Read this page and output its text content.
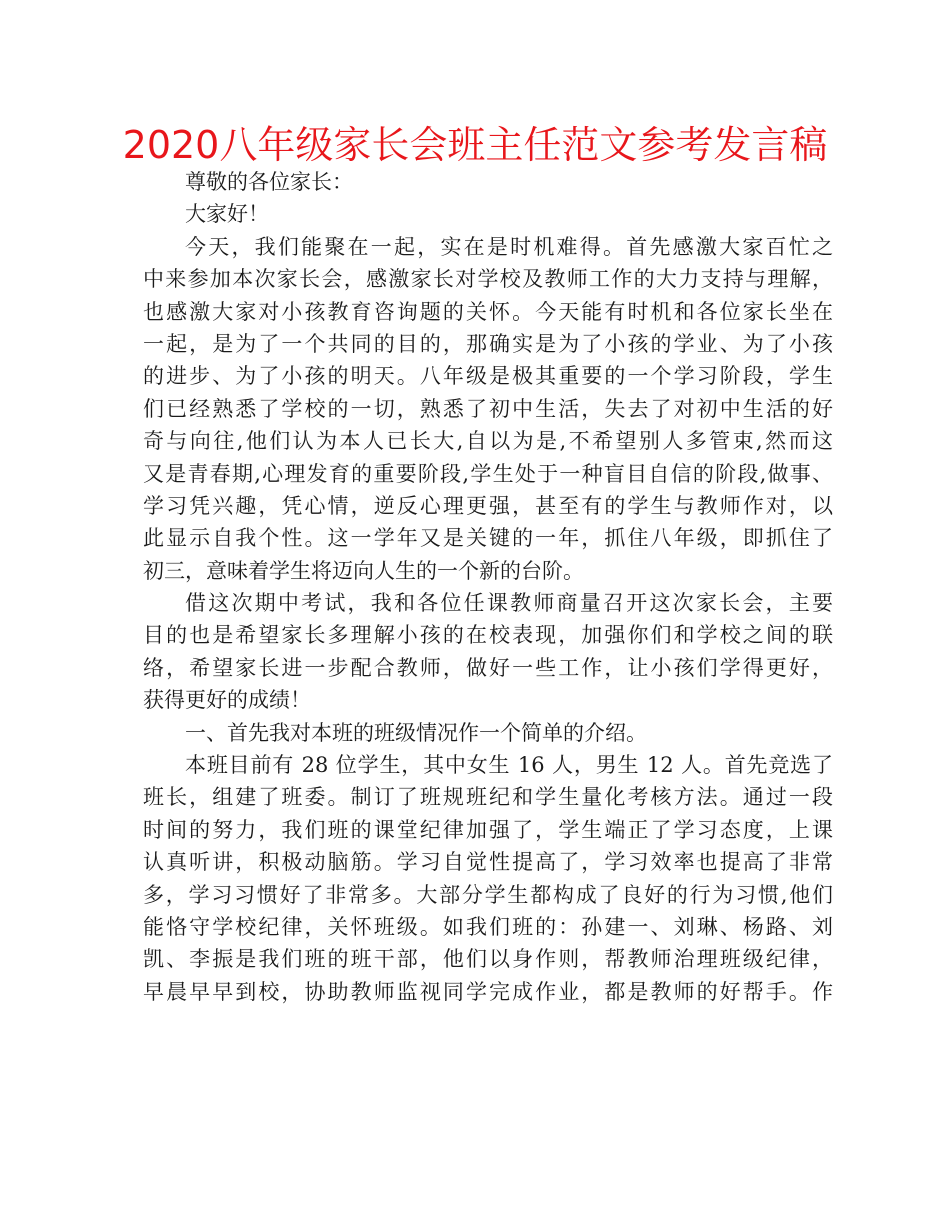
2020八年级家长会班主任范文参考发言稿
尊敬的各位家长：
大家好！
今天，我们能聚在一起，实在是时机难得。首先感激大家百忙之
中来参加本次家长会，感激家长对学校及教师工作的大力支持与理解，
也感激大家对小孩教育咨询题的关怀。今天能有时机和各位家长坐在
一起，是为了一个共同的目的，那确实是为了小孩的学业、为了小孩
的进步、为了小孩的明天。八年级是极其重要的一个学习阶段，学生
们已经熟悉了学校的一切，熟悉了初中生活，失去了对初中生活的好
奇与向往,他们认为本人已长大,自以为是,不希望别人多管束,然而这
又是青春期,心理发育的重要阶段,学生处于一种盲目自信的阶段,做事、
学习凭兴趣，凭心情，逆反心理更强，甚至有的学生与教师作对，以
此显示自我个性。这一学年又是关键的一年，抓住八年级，即抓住了
初三，意味着学生将迈向人生的一个新的台阶。
借这次期中考试，我和各位任课教师商量召开这次家长会，主要
目的也是希望家长多理解小孩的在校表现，加强你们和学校之间的联
络，希望家长进一步配合教师，做好一些工作，让小孩们学得更好，
获得更好的成绩！
一、首先我对本班的班级情况作一个简单的介绍。
本班目前有 28 位学生，其中女生 16 人，男生 12 人。首先竞选了
班长，组建了班委。制订了班规班纪和学生量化考核方法。通过一段
时间的努力，我们班的课堂纪律加强了，学生端正了学习态度，上课
认真听讲，积极动脑筋。学习自觉性提高了，学习效率也提高了非常
多，学习习惯好了非常多。大部分学生都构成了良好的行为习惯,他们
能恪守学校纪律，关怀班级。如我们班的：孙建一、刘琳、杨路、刘
凯、李振是我们班的班干部，他们以身作则，帮教师治理班级纪律，
早晨早早到校，协助教师监视同学完成作业，都是教师的好帮手。作
